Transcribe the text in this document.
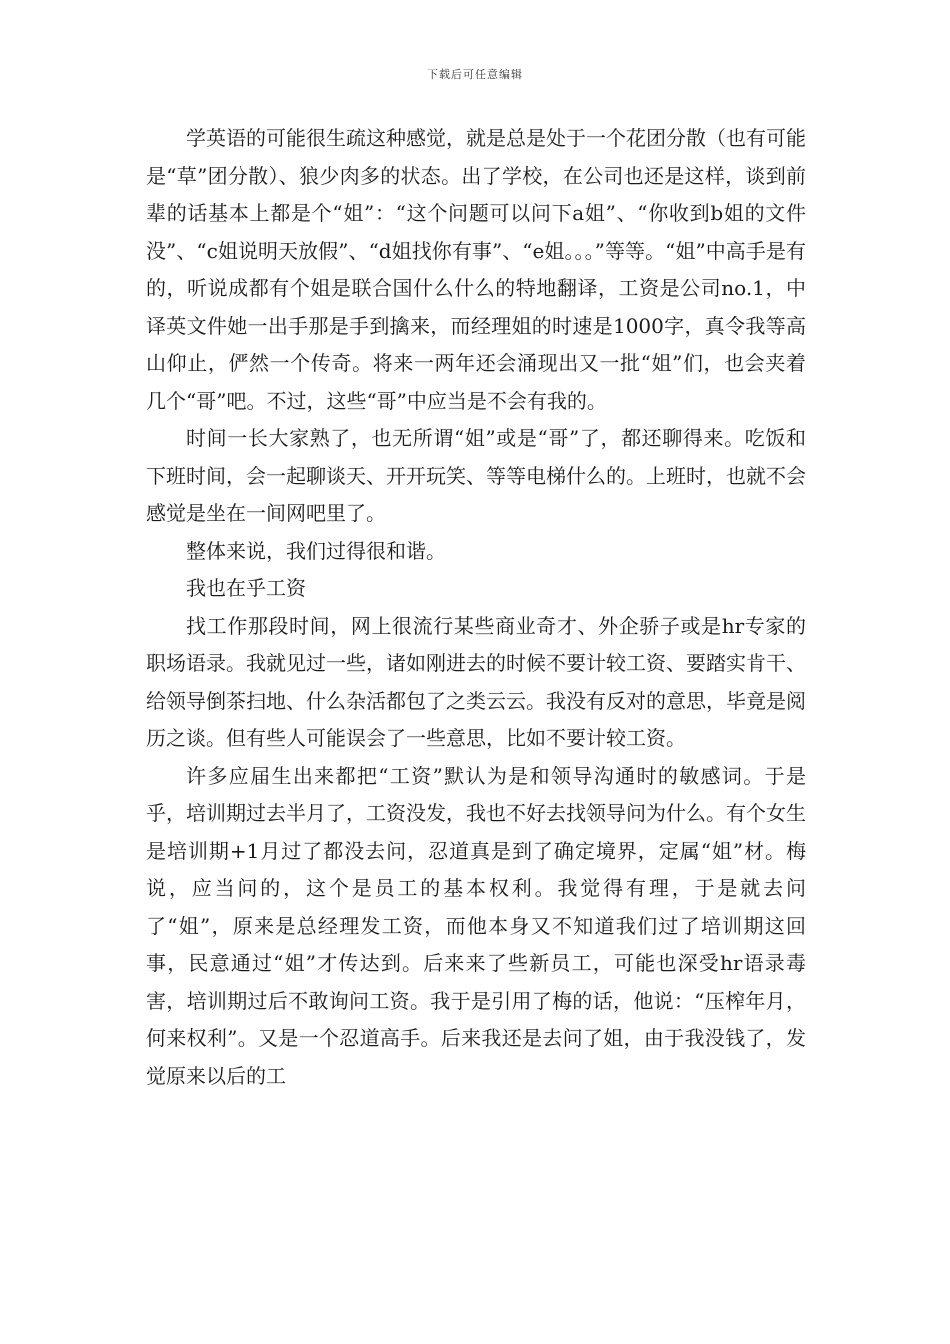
下载后可任意编辑

学英语的可能很生疏这种感觉，就是总是处于一个花团分散（也有可能是“草”团分散）、狼少肉多的状态。出了学校，在公司也还是这样，谈到前辈的话基本上都是个“姐”：“这个问题可以问下a姐”、“你收到b姐的文件没”、“c姐说明天放假”、“d姐找你有事”、“e姐。。。”等等。“姐”中高手是有的，听说成都有个姐是联合国什么什么的特地翻译，工资是公司no.1，中译英文件她一出手那是手到擒来，而经理姐的时速是1000字，真令我等高山仰止，俨然一个传奇。将来一两年还会涌现出又一批“姐”们，也会夹着几个“哥”吧。不过，这些“哥”中应当是不会有我的。

时间一长大家熟了，也无所谓“姐”或是“哥”了，都还聊得来。吃饭和下班时间，会一起聊谈天、开开玩笑、等等电梯什么的。上班时，也就不会感觉是坐在一间网吧里了。

整体来说，我们过得很和谐。

我也在乎工资

找工作那段时间，网上很流行某些商业奇才、外企骄子或是hr专家的职场语录。我就见过一些，诸如刚进去的时候不要计较工资、要踏实肯干、给领导倒茶扫地、什么杂活都包了之类云云。我没有反对的意思，毕竟是阅历之谈。但有些人可能误会了一些意思，比如不要计较工资。

许多应届生出来都把“工资”默认为是和领导沟通时的敏感词。于是乎，培训期过去半月了，工资没发，我也不好去找领导问为什么。有个女生是培训期+1月过了都没去问，忍道真是到了确定境界，定属“姐”材。梅说，应当问的，这个是员工的基本权利。我觉得有理，于是就去问了“姐”，原来是总经理发工资，而他本身又不知道我们过了培训期这回事，民意通过“姐”才传达到。后来来了些新员工，可能也深受hr语录毒害，培训期过后不敢询问工资。我于是引用了梅的话，他说：“压榨年月，何来权利”。又是一个忍道高手。后来我还是去问了姐，由于我没钱了，发觉原来以后的工
